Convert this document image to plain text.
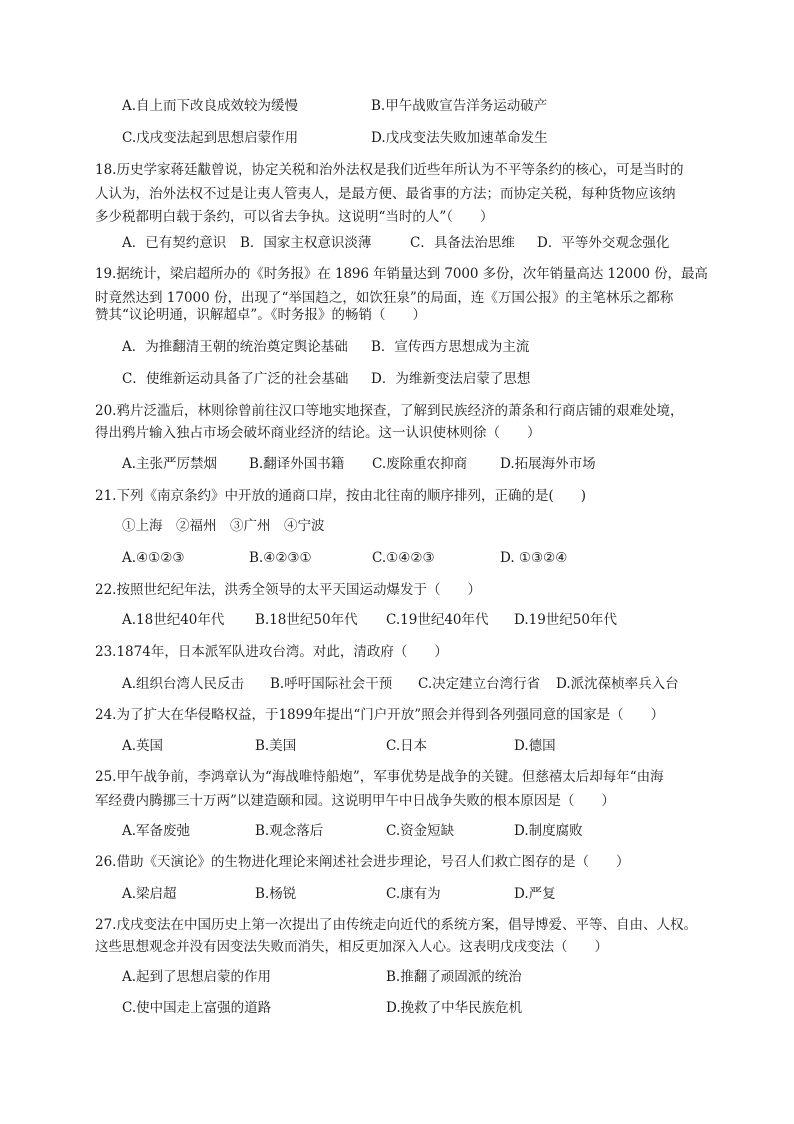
A.自上而下改良成效较为缓慢	B.甲午战败宣告洋务运动破产
C.戊戌变法起到思想启蒙作用	D.戊戌变法失败加速革命发生
18.历史学家蒋廷黻曾说，协定关税和治外法权是我们近些年所认为不平等条约的核心，可是当时的
人认为，治外法权不过是让夷人管夷人，是最方便、最省事的方法；而协定关税，每种货物应该纳
多少税都明白载于条约，可以省去争执。这说明“当时的人”（　　）
A．已有契约意识 B．国家主权意识淡薄	C．具备法治思维 D．平等外交观念强化
19.据统计，梁启超所办的《时务报》在 1896 年销量达到 7000 多份，次年销量高达 12000 份，最高
时竟然达到 17000 份，出现了“举国趋之，如饮狂泉”的局面，连《万国公报》的主笔林乐之都称
赞其“议论明通，识解超卓”。《时务报》的畅销（　　）
A．为推翻清王朝的统治奠定舆论基础 B．宣传西方思想成为主流
C．使维新运动具备了广泛的社会基础 D．为维新变法启蒙了思想
20.鸦片泛滥后，林则徐曾前往汉口等地实地探查，了解到民族经济的萧条和行商店铺的艰难处境，
得出鸦片输入独占市场会破坏商业经济的结论。这一认识使林则徐（　　）
A.主张严厉禁烟 B.翻译外国书籍 C.废除重农抑商 D.拓展海外市场
21.下列《南京条约》中开放的通商口岸，按由北往南的顺序排列，正确的是(　　)
①上海　②福州　③广州　④宁波
A.④①②③	B.④②③①	C.①④②③	D. ①③②④
22.按照世纪纪年法，洪秀全领导的太平天国运动爆发于（　　）
A.18世纪40年代 B.18世纪50年代 C.19世纪40年代 D.19世纪50年代
23.1874年，日本派军队进攻台湾。对此，清政府（　　）
A.组织台湾人民反击 B.呼吁国际社会干预 C.决定建立台湾行省 D.派沈葆桢率兵入台
24.为了扩大在华侵略权益，于1899年提出“门户开放”照会并得到各列强同意的国家是（　　）
A.英国	B.美国	C.日本	D.德国
25.甲午战争前，李鸿章认为“海战唯恃船炮”，军事优势是战争的关键。但慈禧太后却每年“由海
军经费内腾挪三十万两”以建造颐和园。这说明甲午中日战争失败的根本原因是（　　）
A.军备废弛	B.观念落后	C.资金短缺	D.制度腐败
26.借助《天演论》的生物进化理论来阐述社会进步理论，号召人们救亡图存的是（　　）
A.梁启超	B.杨锐	C.康有为	D.严复
27.戊戌变法在中国历史上第一次提出了由传统走向近代的系统方案，倡导博爱、平等、自由、人权。
这些思想观念并没有因变法失败而消失，相反更加深入人心。这表明戊戌变法（　　）
A.起到了思想启蒙的作用	B.推翻了顽固派的统治
C.使中国走上富强的道路	D.挽救了中华民族危机
